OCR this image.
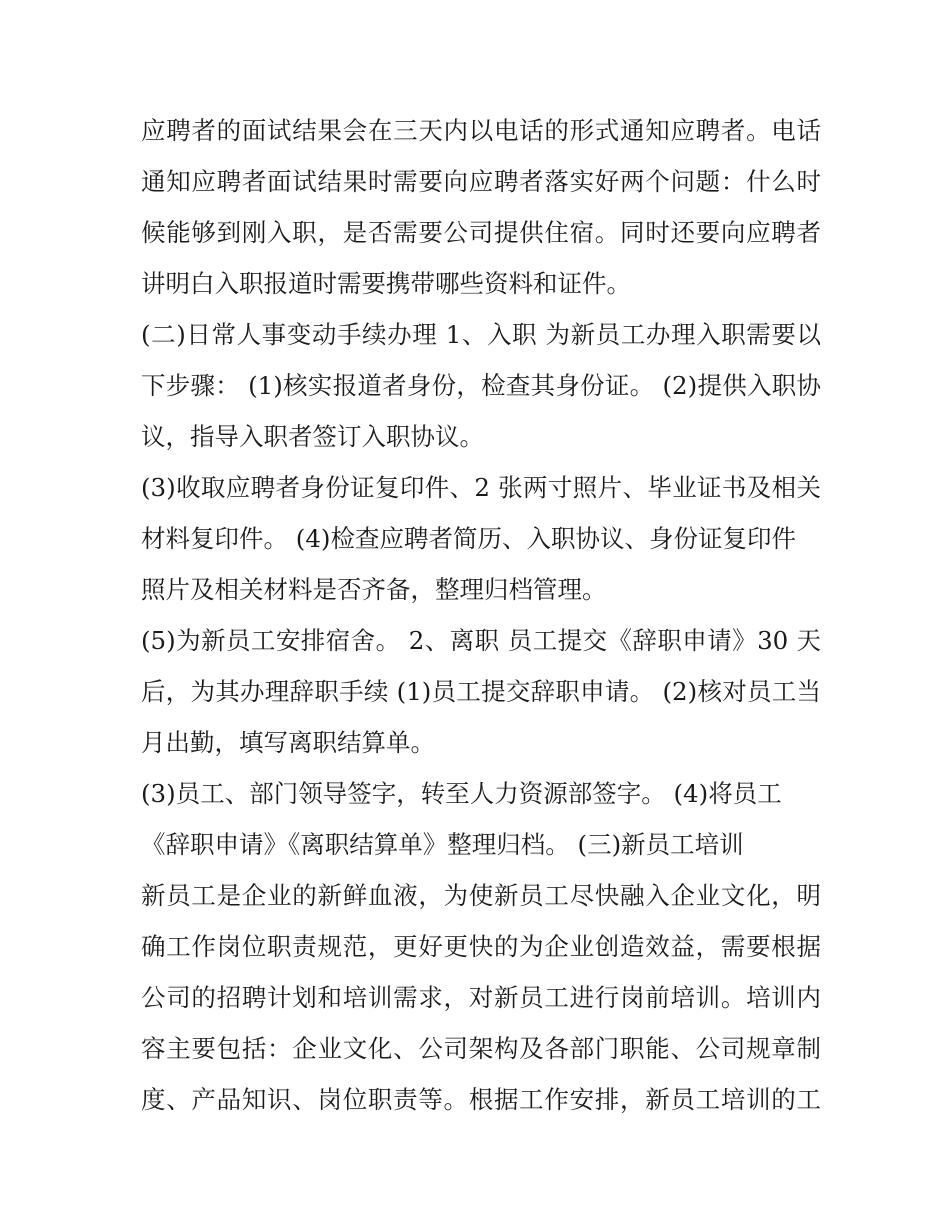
应聘者的面试结果会在三天内以电话的形式通知应聘者。电话
通知应聘者面试结果时需要向应聘者落实好两个问题：什么时
候能够到刚入职，是否需要公司提供住宿。同时还要向应聘者
讲明白入职报道时需要携带哪些资料和证件。
(二)日常人事变动手续办理 1、入职 为新员工办理入职需要以
下步骤： (1)核实报道者身份，检查其身份证。 (2)提供入职协
议，指导入职者签订入职协议。
(3)收取应聘者身份证复印件、2 张两寸照片、毕业证书及相关
材料复印件。 (4)检查应聘者简历、入职协议、身份证复印件
照片及相关材料是否齐备，整理归档管理。
(5)为新员工安排宿舍。 2、离职 员工提交《辞职申请》30 天
后，为其办理辞职手续 (1)员工提交辞职申请。 (2)核对员工当
月出勤，填写离职结算单。
(3)员工、部门领导签字，转至人力资源部签字。 (4)将员工
《辞职申请》《离职结算单》整理归档。 (三)新员工培训
新员工是企业的新鲜血液，为使新员工尽快融入企业文化，明
确工作岗位职责规范，更好更快的为企业创造效益，需要根据
公司的招聘计划和培训需求，对新员工进行岗前培训。培训内
容主要包括：企业文化、公司架构及各部门职能、公司规章制
度、产品知识、岗位职责等。根据工作安排，新员工培训的工
